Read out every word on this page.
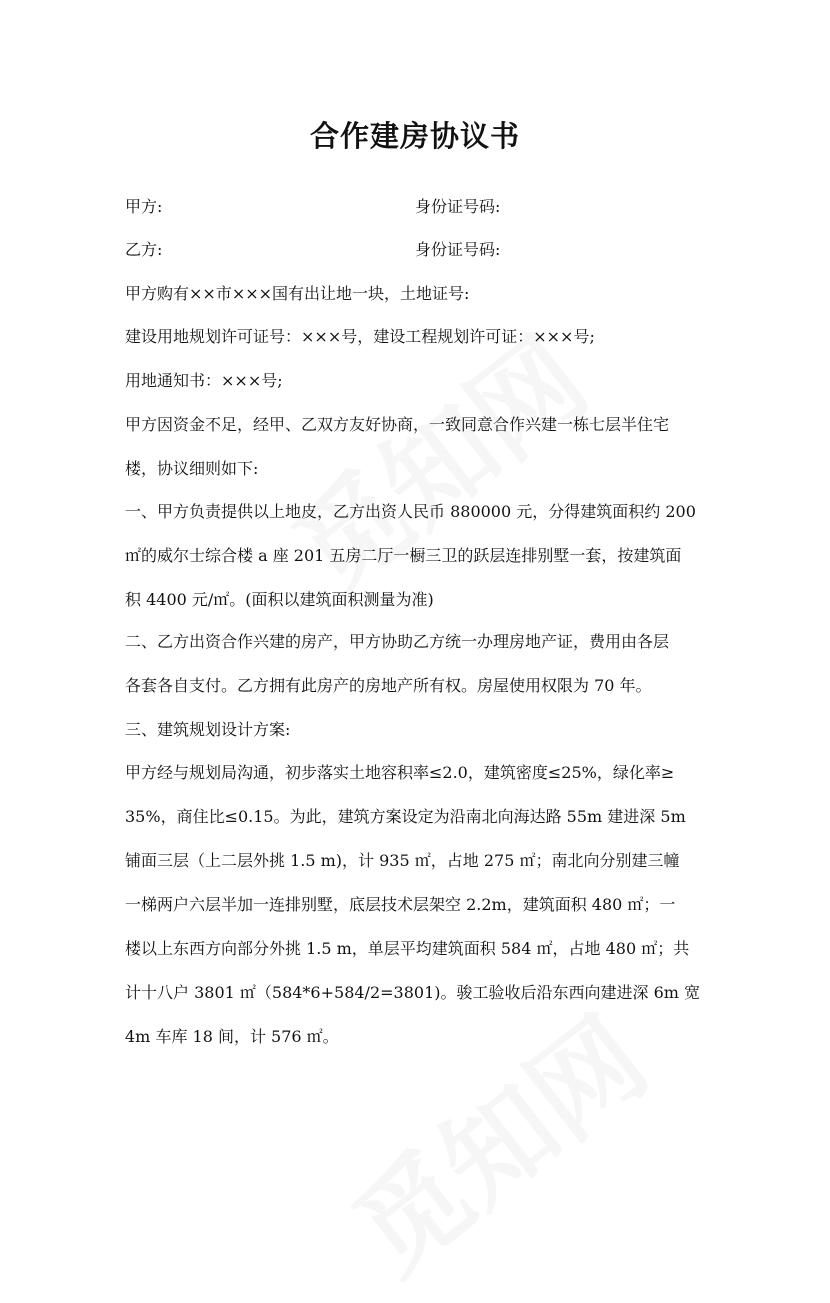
合作建房协议书
甲方:	身份证号码:
乙方:	身份证号码:
甲方购有××市×××国有出让地一块，土地证号:
建设用地规划许可证号：×××号，建设工程规划许可证：×××号;
用地通知书：×××号;
甲方因资金不足，经甲、乙双方友好协商，一致同意合作兴建一栋七层半住宅
楼，协议细则如下:
一、甲方负责提供以上地皮，乙方出资人民币 880000 元，分得建筑面积约 200
㎡的威尔士综合楼 a 座 201 五房二厅一橱三卫的跃层连排别墅一套，按建筑面
积 4400 元/㎡。(面积以建筑面积测量为准)
二、乙方出资合作兴建的房产，甲方协助乙方统一办理房地产证，费用由各层
各套各自支付。乙方拥有此房产的房地产所有权。房屋使用权限为 70 年。
三、建筑规划设计方案:
甲方经与规划局沟通，初步落实土地容积率≤2.0，建筑密度≤25%，绿化率≥
35%，商住比≤0.15。为此，建筑方案设定为沿南北向海达路 55m 建进深 5m
铺面三层（上二层外挑 1.5 m)，计 935 ㎡，占地 275 ㎡；南北向分别建三幢
一梯两户六层半加一连排别墅，底层技术层架空 2.2m，建筑面积 480 ㎡；一
楼以上东西方向部分外挑 1.5 m，单层平均建筑面积 584 ㎡，占地 480 ㎡；共
计十八户 3801 ㎡（584*6+584/2=3801)。骏工验收后沿东西向建进深 6m 宽
4m 车库 18 间，计 576 ㎡。
